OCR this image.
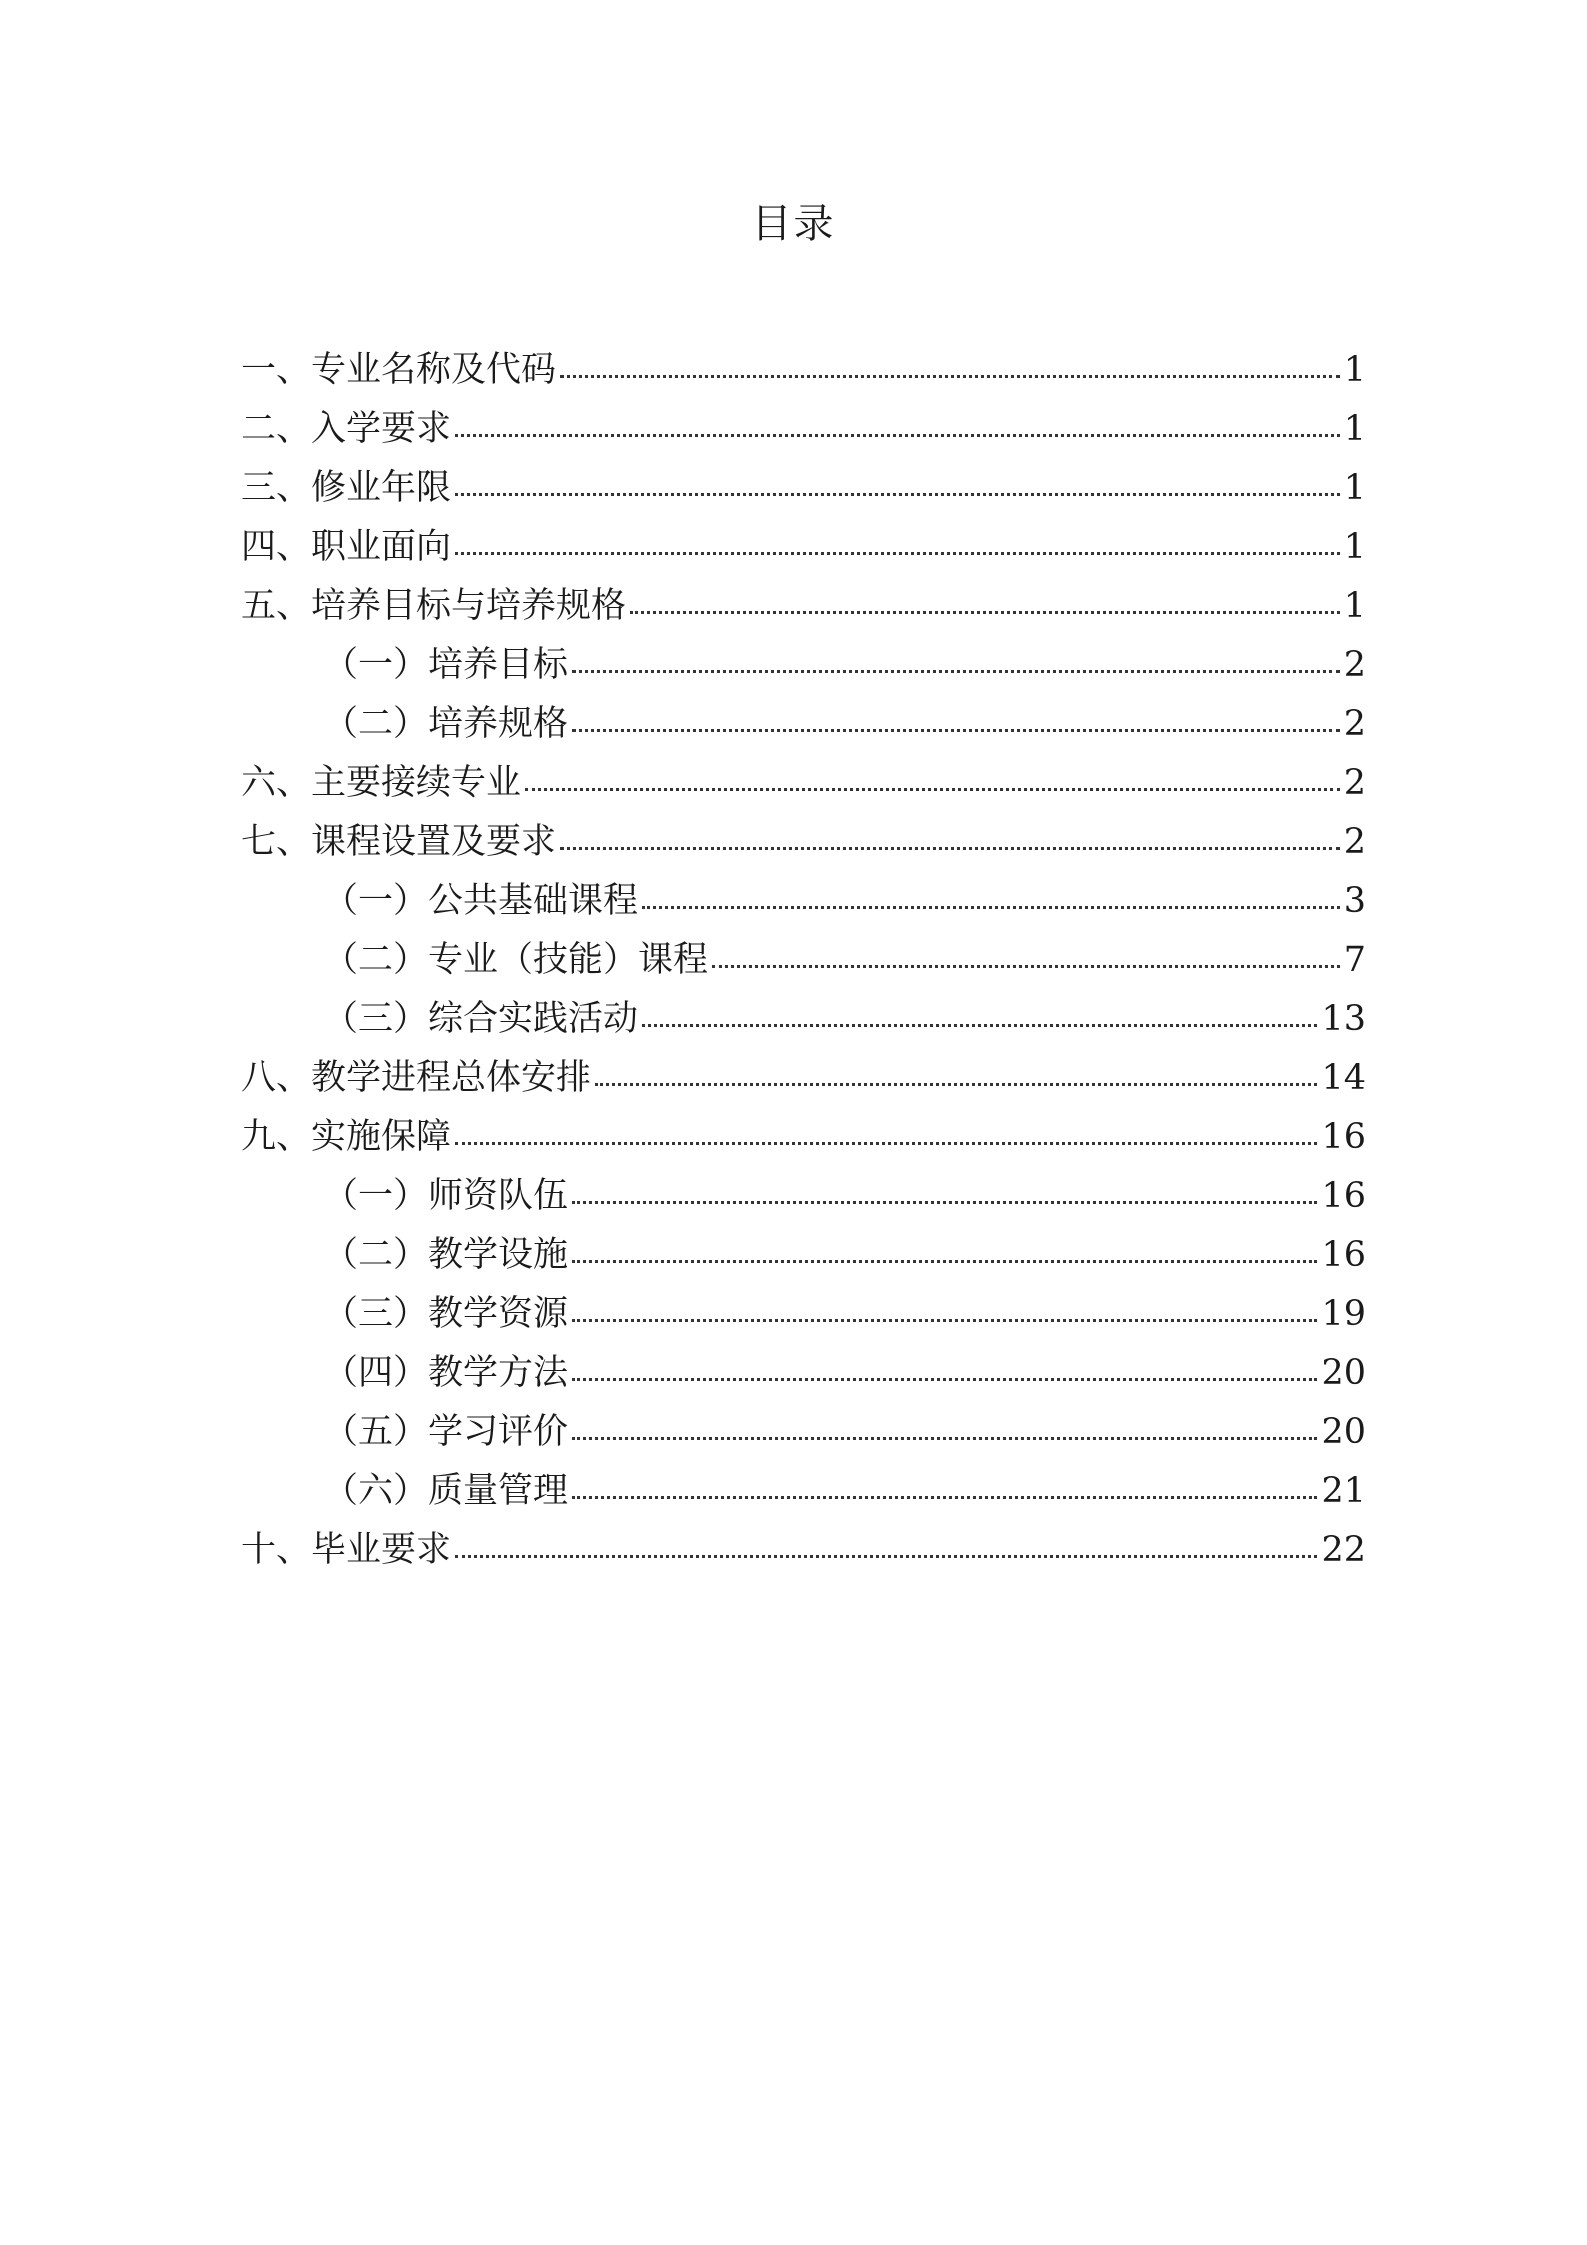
目录
一、专业名称及代码	1
二、入学要求	1
三、修业年限	1
四、职业面向	1
五、培养目标与培养规格	1
（一）培养目标	2
（二）培养规格	2
六、主要接续专业	2
七、课程设置及要求	2
（一）公共基础课程	3
（二）专业（技能）课程	7
（三）综合实践活动	13
八、教学进程总体安排	14
九、实施保障	16
（一）师资队伍	16
（二）教学设施	16
（三）教学资源	19
（四）教学方法	20
（五）学习评价	20
（六）质量管理	21
十、毕业要求	22
